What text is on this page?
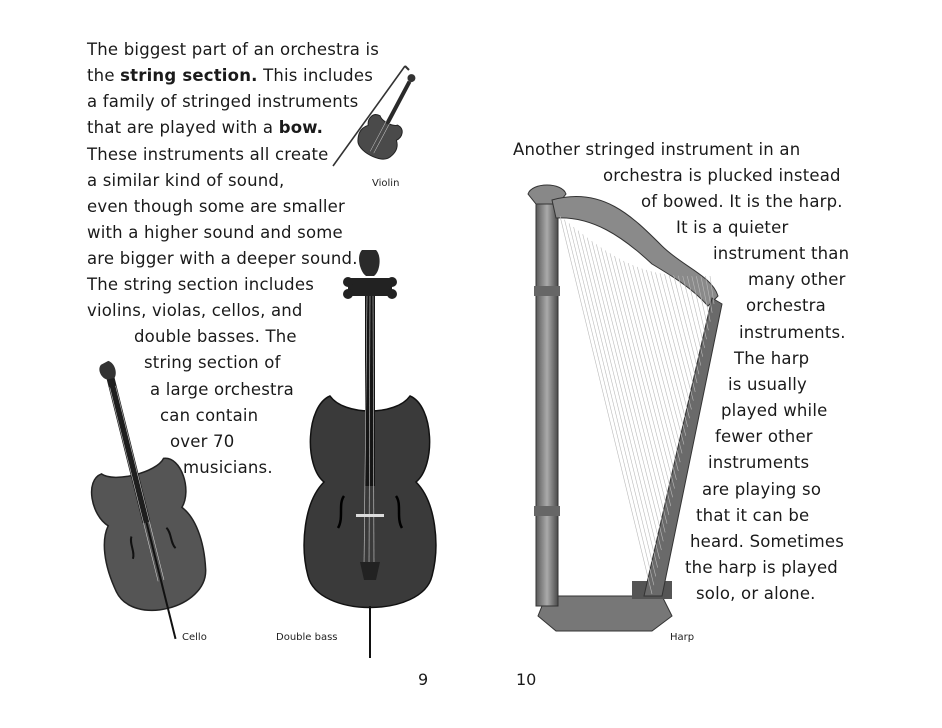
The biggest part of an orchestra is
the string section. This includes
a family of stringed instruments
that are played with a bow.
These instruments all create
a similar kind of sound,
even though some are smaller
with a higher sound and some
are bigger with a deeper sound.
The string section includes
violins, violas, cellos, and
double basses. The
string section of
a large orchestra
can contain
over 70
musicians.
Violin
Cello	Double bass
9
Another stringed instrument in an
orchestra is plucked instead
of bowed. It is the harp.
It is a quieter
instrument than
many other
orchestra
instruments.
The harp
is usually
played while
fewer other
instruments
are playing so
that it can be
heard. Sometimes
the harp is played
solo, or alone.
Harp
10
